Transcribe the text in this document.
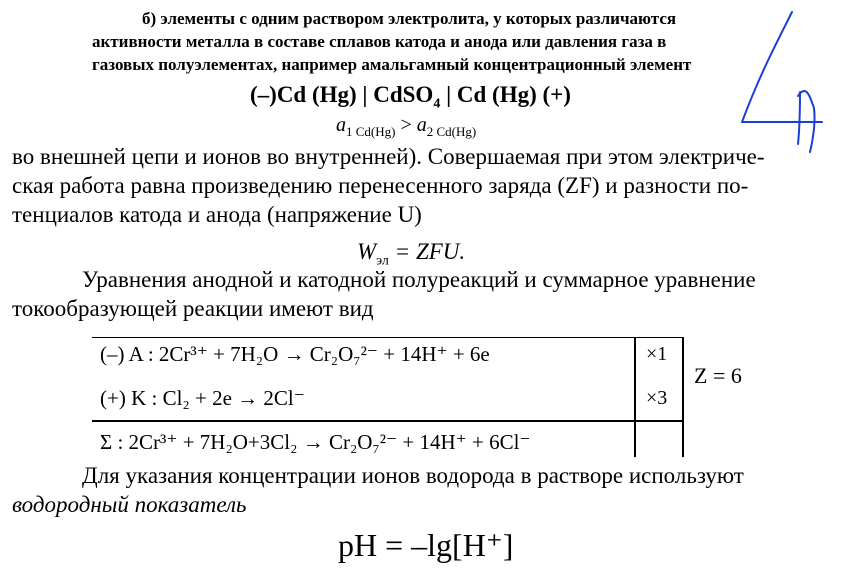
б) элементы с одним раствором электролита, у которых различаются
активности металла в составе сплавов катода и анода или давления газа в
газовых полуэлементах, например амальгамный концентрационный элемент
(–)Cd (Hg) | CdSO$_4$ | Cd (Hg) (+)
$a_{1 Cd(Hg)} > a_{2 Cd(Hg)}$
во внешней цепи и ионов во внутренней). Совершаемая при этом электриче-
ская работа равна произведению перенесенного заряда (ZF) и разности по-
тенциалов катода и анода (напряжение U)
$W_{эл}$ = ZFU.
Уравнения анодной и катодной полуреакций и суммарное уравнение
токообразующей реакции имеют вид
(–) A : 2Cr³⁺ + 7H₂O → Cr₂O₇²⁻ + 14H⁺ + 6e
(+) K : Cl₂ + 2e → 2Cl⁻
Σ : 2Cr³⁺ + 7H₂O+3Cl₂ → Cr₂O₇²⁻ + 14H⁺ + 6Cl⁻
×1
×3
Z = 6
Для указания концентрации ионов водорода в растворе используют
водородный показатель
pH = –lg[H⁺]
